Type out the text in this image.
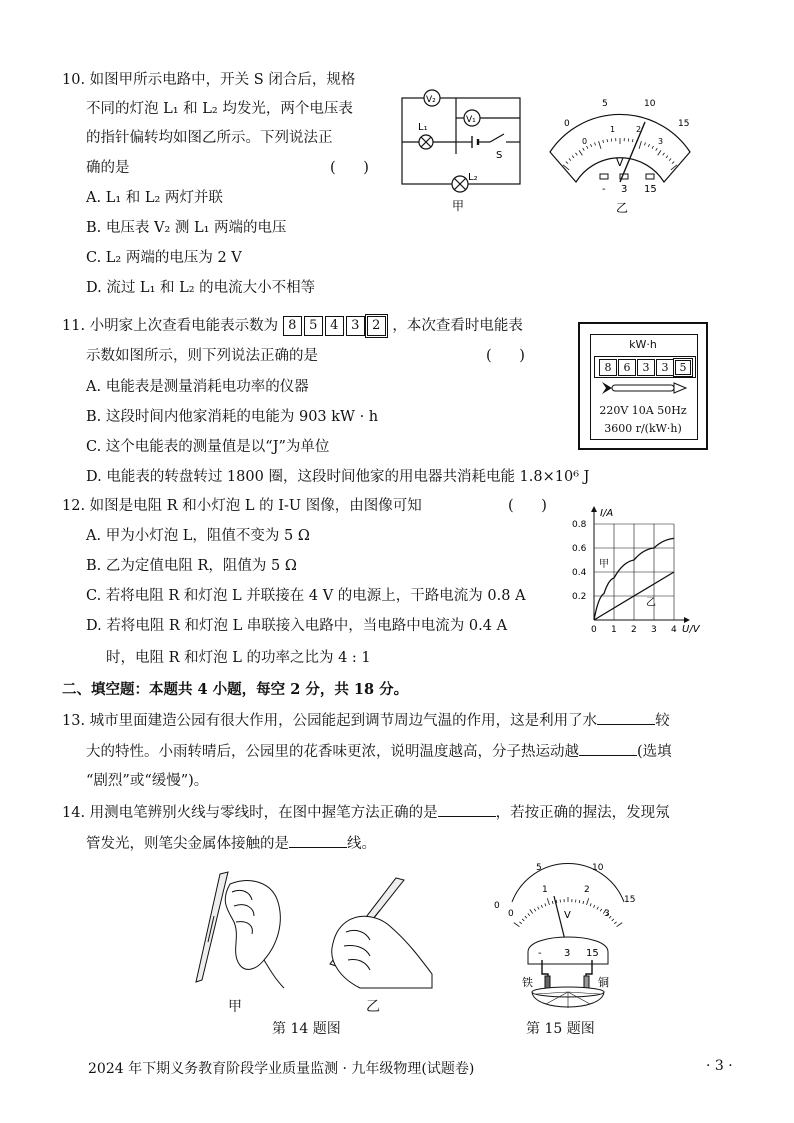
10. 如图甲所示电路中，开关 S 闭合后，规格
不同的灯泡 L₁ 和 L₂ 均发光，两个电压表
的指针偏转均如图乙所示。下列说法正
确的是	(      )
A. L₁ 和 L₂ 两灯并联
B. 电压表 V₂ 测 L₁ 两端的电压
C. L₂ 两端的电压为 2 V
D. 流过 L₁ 和 L₂ 的电流大小不相等
V₂
V₁
L₁
S
L₂
甲
0
5	10
15
0
1	2
3
V
- 3 15
乙
11. 小明家上次查看电能表示数为 8 5 4 3 2 ，本次查看时电能表
示数如图所示，则下列说法正确的是	(      )
A. 电能表是测量消耗电功率的仪器
B. 这段时间内他家消耗的电能为 903 kW · h
C. 这个电能表的测量值是以“J”为单位
D. 电能表的转盘转过 1800 圈，这段时间他家的用电器共消耗电能 1.8×10⁶ J
kW·h
8	6	3	3	5
220V 10A 50Hz
3600 r/(kW·h)
12. 如图是电阻 R 和小灯泡 L 的 I-U 图像，由图像可知	(      )
A. 甲为小灯泡 L，阻值不变为 5 Ω
B. 乙为定值电阻 R，阻值为 5 Ω
C. 若将电阻 R 和灯泡 L 并联接在 4 V 的电源上，干路电流为 0.8 A
D. 若将电阻 R 和灯泡 L 串联接入电路中，当电路中电流为 0.4 A
时，电阻 R 和灯泡 L 的功率之比为 4 : 1
0 1 2 3 4
0.2
0.4
0.6
0.8
I/A
U/V
甲
乙
二、填空题：本题共 4 小题，每空 2 分，共 18 分。
13. 城市里面建造公园有很大作用，公园能起到调节周边气温的作用，这是利用了水	较
大的特性。小雨转晴后，公园里的花香味更浓，说明温度越高，分子热运动越	(选填
“剧烈”或“缓慢”)。
14. 用测电笔辨别火线与零线时，在图中握笔方法正确的是	，若按正确的握法，发现氖
管发光，则笔尖金属体接触的是	线。
甲	乙
第 14 题图
0
1	2
3
0
5	10
15
V
- 3 15
铁	铜
第 15 题图
2024 年下期义务教育阶段学业质量监测 · 九年级物理(试题卷)	· 3 ·
